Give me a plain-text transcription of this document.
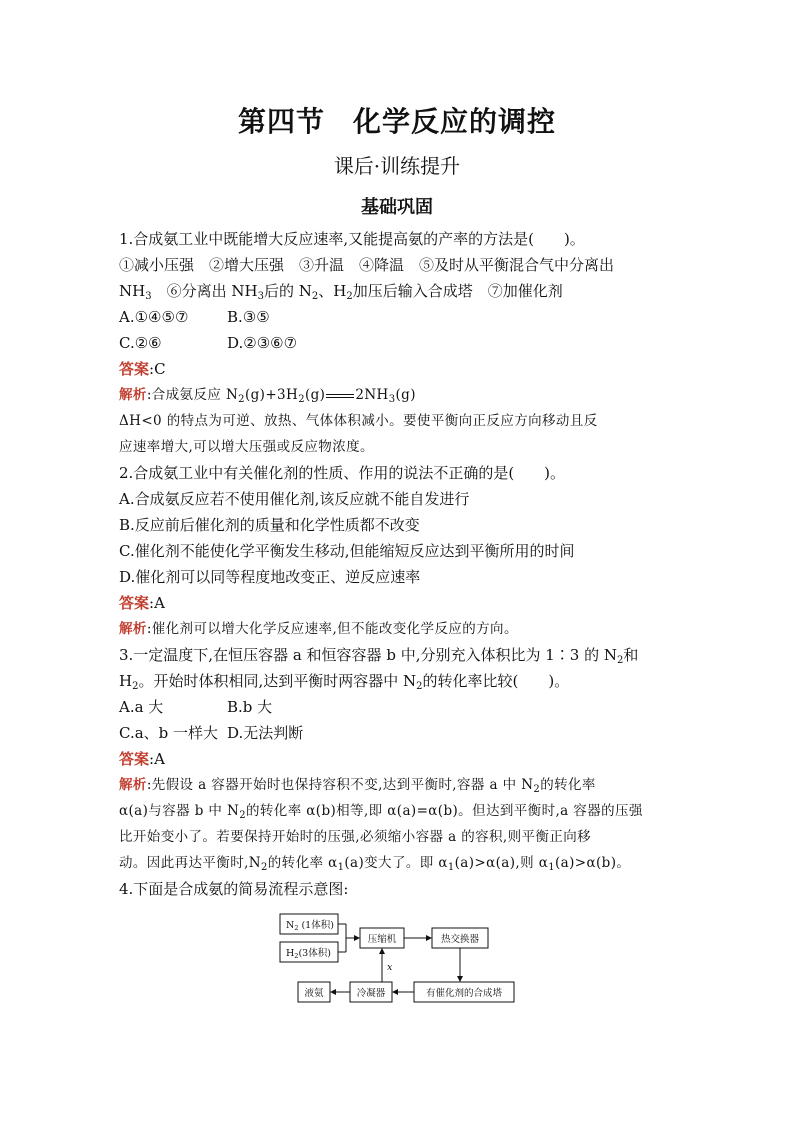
第四节 化学反应的调控
课后·训练提升
基础巩固
1.合成氨工业中既能增大反应速率,又能提高氨的产率的方法是( )。
①减小压强　②增大压强　③升温　④降温　⑤及时从平衡混合气中分离出
$NH_3$　⑥分离出 $NH_3$后的 $N_2$、$H_2$加压后输入合成塔　⑦加催化剂
A.①④⑤⑦	B.③⑤
C.②⑥	D.②③⑥⑦
答案:C
解析:合成氨反应 $N_2(g)+3H_2(g)$ $2NH_3(g)$
ΔH<0 的特点为可逆、放热、气体体积减小。要使平衡向正反应方向移动且反
应速率增大,可以增大压强或反应物浓度。
2.合成氨工业中有关催化剂的性质、作用的说法不正确的是( )。
A.合成氨反应若不使用催化剂,该反应就不能自发进行
B.反应前后催化剂的质量和化学性质都不改变
C.催化剂不能使化学平衡发生移动,但能缩短反应达到平衡所用的时间
D.催化剂可以同等程度地改变正、逆反应速率
答案:A
解析:催化剂可以增大化学反应速率,但不能改变化学反应的方向。
3.一定温度下,在恒压容器 a 和恒容容器 b 中,分别充入体积比为 1∶3 的 $N_2$和
$H_2$。开始时体积相同,达到平衡时两容器中 $N_2$的转化率比较( )。
A.a 大	B.b 大
C.a、b 一样大 D.无法判断
答案:A
解析:先假设 a 容器开始时也保持容积不变,达到平衡时,容器 a 中 $N_2$的转化率
α(a)与容器 b 中 $N_2$的转化率 α(b)相等,即 α(a)=α(b)。但达到平衡时,a 容器的压强
比开始变小了。若要保持开始时的压强,必须缩小容器 a 的容积,则平衡正向移
动。因此再达平衡时$,N_2$的转化率 $\alpha_1(a)$变大了。即 $\alpha_1(a)>\alpha(a)$,则 $\alpha_1(a)>\alpha(b)$。
4.下面是合成氨的简易流程示意图:
$N_2$ (1体积)
$H_2(3$体积)
压缩机	热交换器
有催化剂的合成塔
冷凝器
液氨
x
